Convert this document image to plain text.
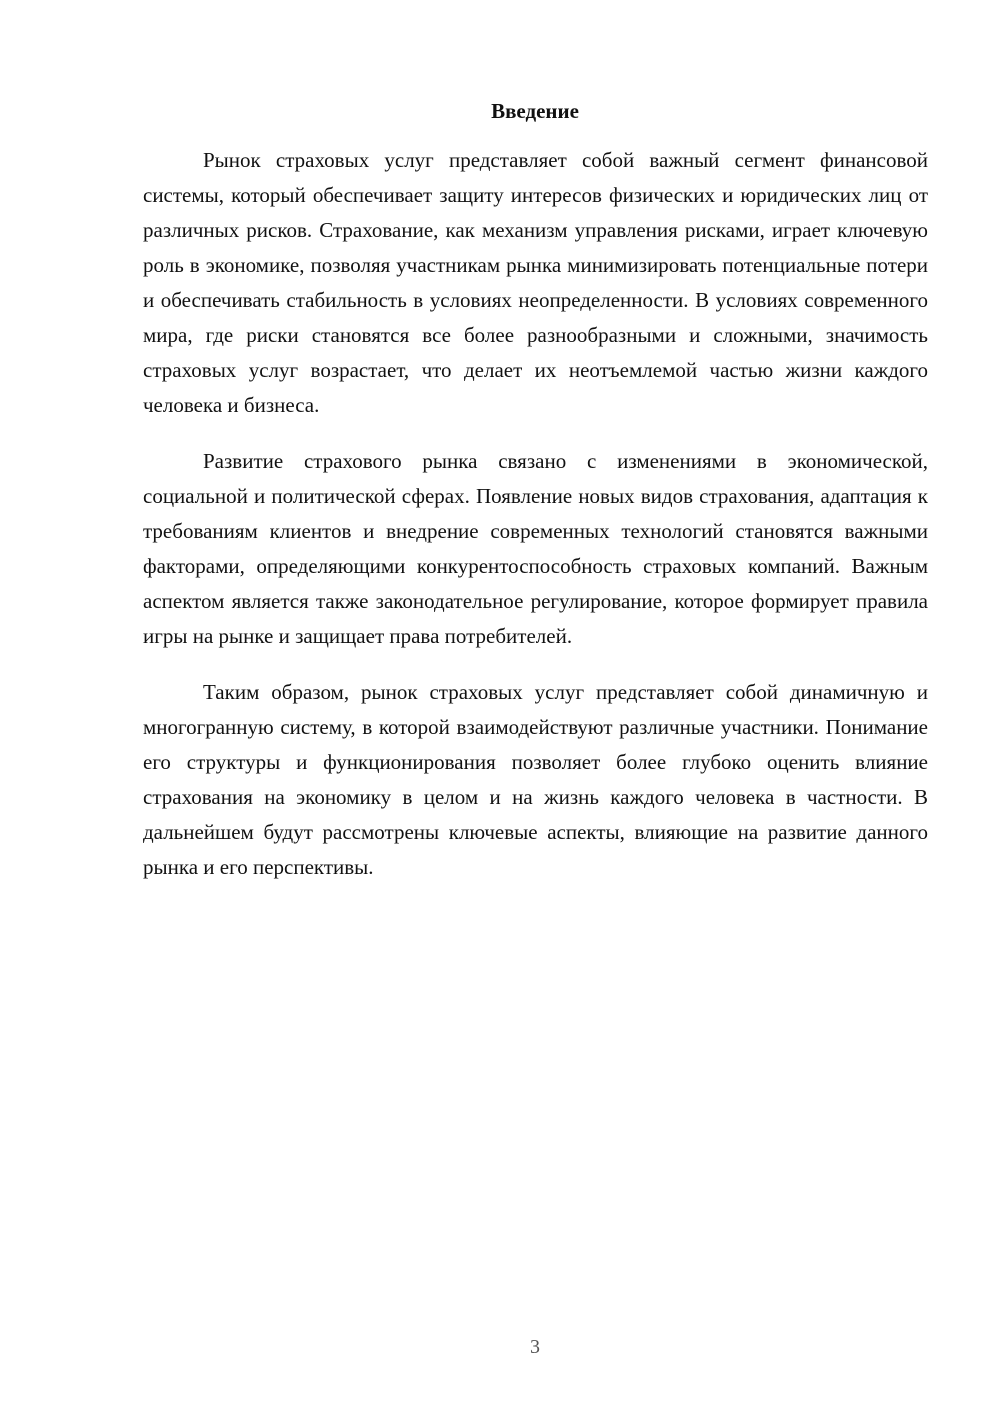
Введение

Рынок страховых услуг представляет собой важный сегмент финансовой системы, который обеспечивает защиту интересов физических и юридических лиц от различных рисков. Страхование, как механизм управления рисками, играет ключевую роль в экономике, позволяя участникам рынка минимизировать потенциальные потери и обеспечивать стабильность в условиях неопределенности. В условиях современного мира, где риски становятся все более разнообразными и сложными, значимость страховых услуг возрастает, что делает их неотъемлемой частью жизни каждого человека и бизнеса.

Развитие страхового рынка связано с изменениями в экономической, социальной и политической сферах. Появление новых видов страхования, адаптация к требованиям клиентов и внедрение современных технологий становятся важными факторами, определяющими конкурентоспособность страховых компаний. Важным аспектом является также законодательное регулирование, которое формирует правила игры на рынке и защищает права потребителей.

Таким образом, рынок страховых услуг представляет собой динамичную и многогранную систему, в которой взаимодействуют различные участники. Понимание его структуры и функционирования позволяет более глубоко оценить влияние страхования на экономику в целом и на жизнь каждого человека в частности. В дальнейшем будут рассмотрены ключевые аспекты, влияющие на развитие данного рынка и его перспективы.

3
